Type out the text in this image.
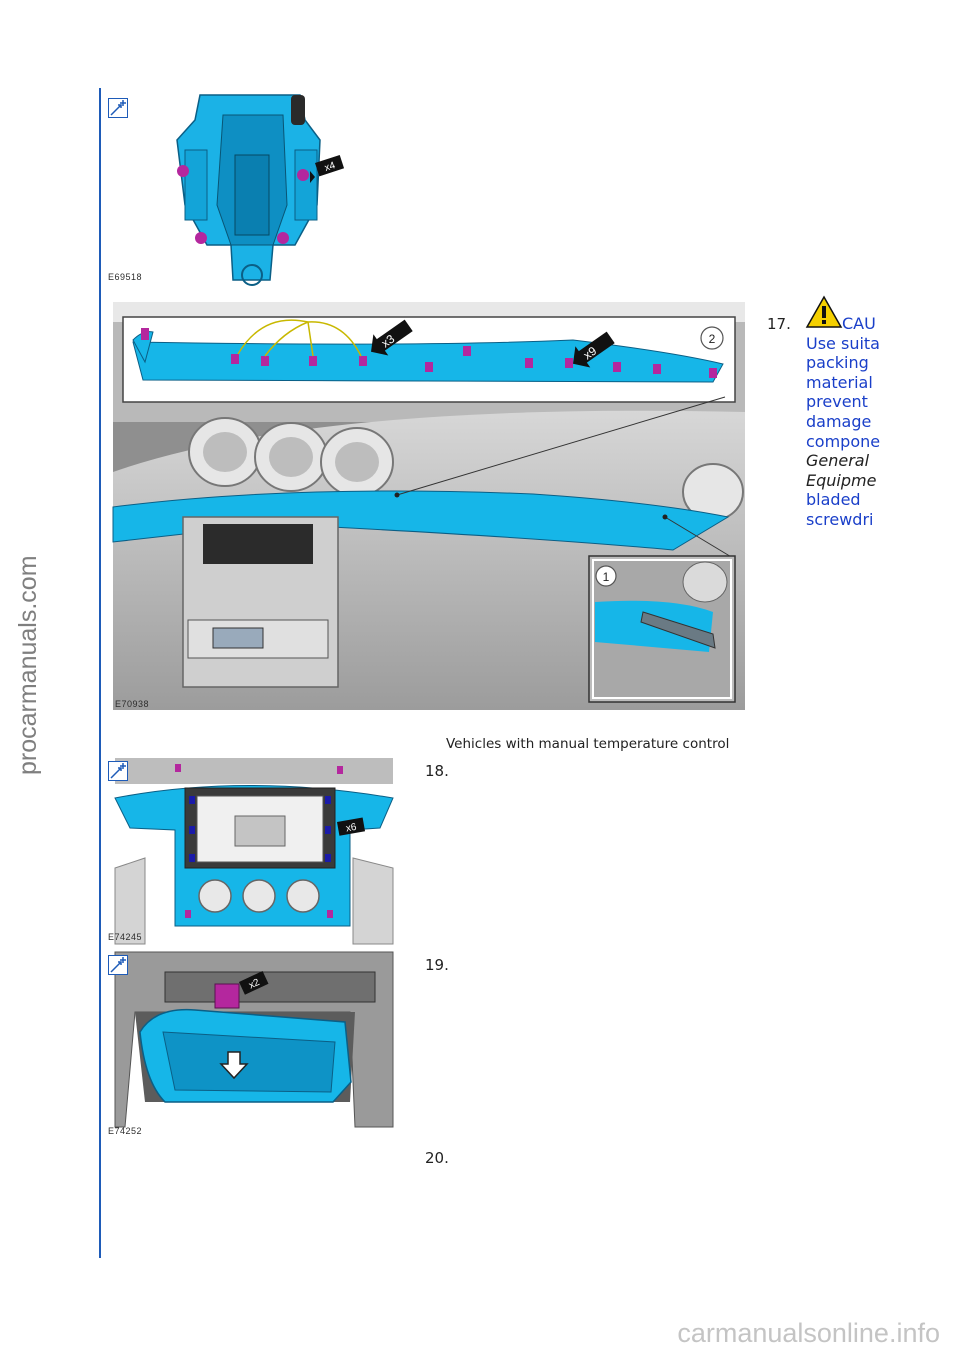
procarmanuals.com
carmanualsonline.info
x4
E69518
x3
x9
2
1
E70938
17.	CAU
Use suita
packing
material
prevent
damage
compone
General
Equipme
bladed
screwdri
Vehicles with manual temperature control
x6
E74245
18.
x2
E74252
19.
20.
